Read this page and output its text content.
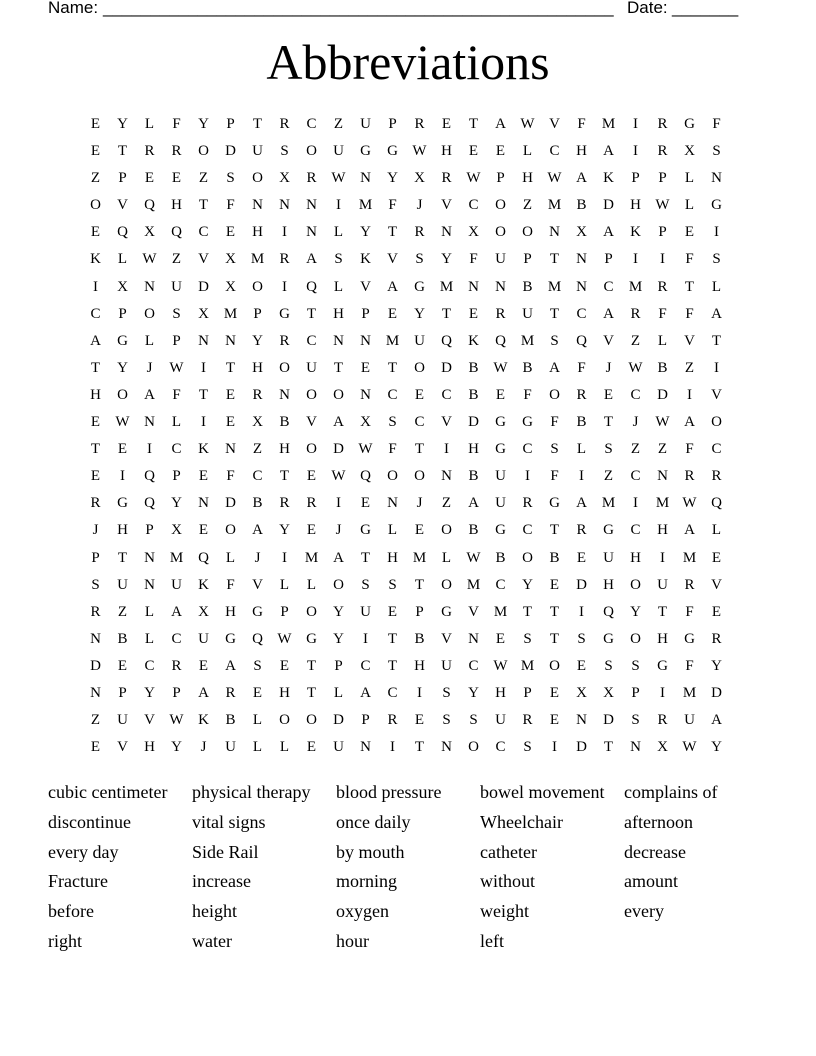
Name: ______________________________________________________ Date: _______
Abbreviations
E	Y	L	F	Y	P	T	R	C	Z	U	P	R	E	T	A W V	F	M	I	R	G	F
E	T	R	R	O	D	U	S	O	U	G	G W H	E	E	L	C	H	A	I	R	X	S
Z	P	E	E	Z	S	O	X	R W N	Y	X	R W	P	H W A	K	P	P	L	N
O	V	Q	H	T	F	N	N	N	I	M	F	J	V	C	O	Z	M	B	D	H W	L	G
E	Q	X	Q	C	E	H	I	N	L	Y	T	R	N	X	O	O	N	X	A	K	P	E	I
K	L	W	Z	V	X M	R	A	S	K	V	S	Y	F	U	P	T	N	P	I	I	F	S
I	X	N	U	D	X	O	I	Q	L	V	A	G M N	N	B	M N	C	M	R	T	L
C	P	O	S	X M	P	G	T	H	P	E	Y	T	E	R	U	T	C	A	R	F	F	A
A	G	L	P	N	N	Y	R	C	N	N M U	Q	K	Q M	S	Q	V	Z	L	V	T
T	Y	J	W	I	T	H	O	U	T	E	T	O	D	B W B	A	F	J	W B	Z	I
H	O	A	F	T	E	R	N	O	O	N	C	E	C	B	E	F	O	R	E	C	D	I	V
E	W N	L	I	E	X	B	V	A	X	S	C	V	D	G	G	F	B	T	J	W A	O
T	E	I	C	K	N	Z	H	O	D W	F	T	I	H	G	C	S	L	S	Z	Z	F	C
E	I	Q	P	E	F	C	T	E	W Q	O	O	N	B	U	I	F	I	Z	C	N	R	R
R	G	Q	Y	N	D	B	R	R	I	E	N	J	Z	A	U	R	G	A M	I	M W Q
J	H	P	X	E	O	A	Y	E	J	G	L	E	O	B	G	C	T	R	G	C	H	A	L
P	T	N M Q	L	J	I	M A	T	H M	L	W B	O	B	E	U	H	I	M	E
S	U	N	U	K	F	V	L	L	O	S	S	T	O M	C	Y	E	D	H	O	U	R	V
R	Z	L	A	X	H	G	P	O	Y	U	E	P	G	V M	T	T	I	Q	Y	T	F	E
N	B	L	C	U	G	Q W G	Y	I	T	B	V	N	E	S	T	S	G	O	H	G	R
D	E	C	R	E	A	S	E	T	P	C	T	H	U	C W M O	E	S	S	G	F	Y
N	P	Y	P	A	R	E	H	T	L	A	C	I	S	Y	H	P	E	X	X	P	I	M D
Z	U	V W K	B	L	O	O	D	P	R	E	S	S	U	R	E	N	D	S	R	U	A
E	V	H	Y	J	U	L	L	E	U	N	I	T	N	O	C	S	I	D	T	N	X W Y
cubic centimeter	physical therapy	blood pressure	bowel movement	complains of
discontinue	vital signs	once daily	Wheelchair	afternoon
every day	Side Rail	by mouth	catheter	decrease
Fracture	increase	morning	without	amount
before	height	oxygen	weight	every
right	water	hour	left
